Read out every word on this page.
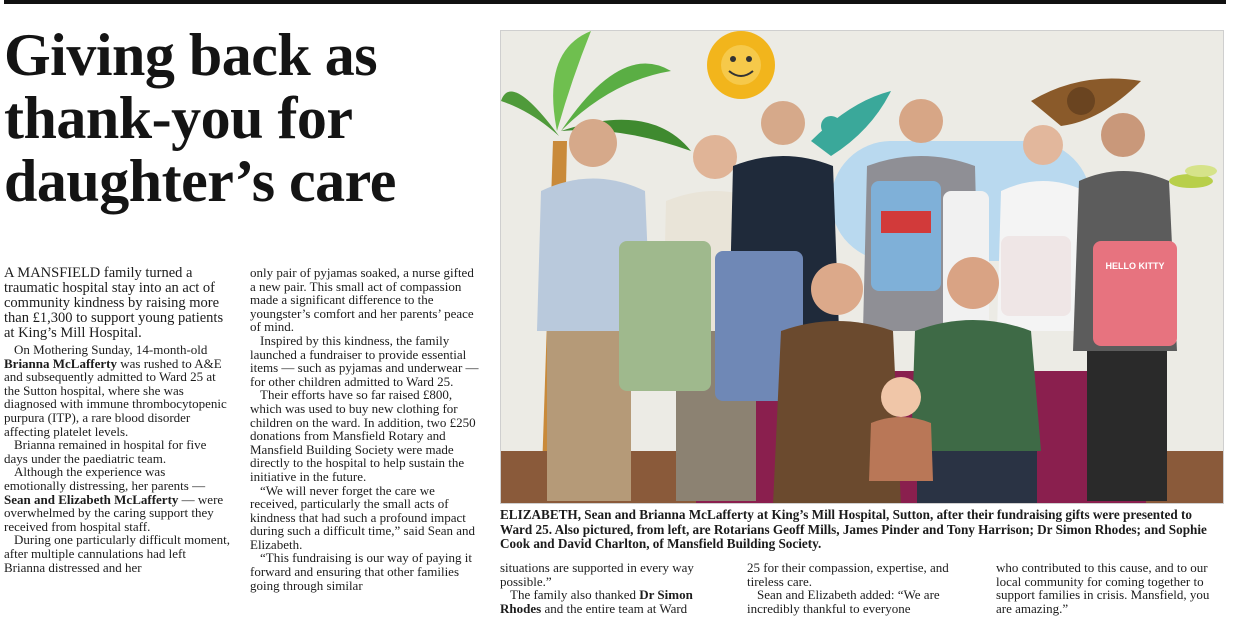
Giving back as
thank-you for
daughter’s care

A MANSFIELD family turned a traumatic hospital stay into an act of community kindness by raising more than £1,300 to support young patients at King’s Mill Hospital.

On Mothering Sunday, 14-month-old Brianna McLafferty was rushed to A&E and subsequently admitted to Ward 25 at the Sutton hospital, where she was diagnosed with immune thrombocytopenic purpura (ITP), a rare blood disorder affecting platelet levels.

Brianna remained in hospital for five days under the paediatric team.

Although the experience was emotionally distressing, her parents — Sean and Elizabeth McLafferty — were overwhelmed by the caring support they received from hospital staff.

During one particularly difficult moment, after multiple cannulations had left Brianna distressed and her

only pair of pyjamas soaked, a nurse gifted a new pair. This small act of compassion made a significant difference to the youngster’s comfort and her parents’ peace of mind.

Inspired by this kindness, the family launched a fundraiser to provide essential items — such as pyjamas and underwear — for other children admitted to Ward 25.

Their efforts have so far raised £800, which was used to buy new clothing for children on the ward. In addition, two £250 donations from Mansfield Rotary and Mansfield Building Society were made directly to the hospital to help sustain the initiative in the future.

“We will never forget the care we received, particularly the small acts of kindness that had such a profound impact during such a difficult time,” said Sean and Elizabeth.

“This fundraising is our way of paying it forward and ensuring that other families going through similar

HELLO KITTY

ELIZABETH, Sean and Brianna McLafferty at King’s Mill Hospital, Sutton, after their fundraising gifts were presented to Ward 25. Also pictured, from left, are Rotarians Geoff Mills, James Pinder and Tony Harrison; Dr Simon Rhodes; and Sophie Cook and David Charlton, of Mansfield Building Society.

situations are supported in every way possible.”

The family also thanked Dr Simon Rhodes and the entire team at Ward

25 for their compassion, expertise, and tireless care.

Sean and Elizabeth added: “We are incredibly thankful to everyone

who contributed to this cause, and to our local community for coming together to support families in crisis. Mansfield, you are amazing.”
